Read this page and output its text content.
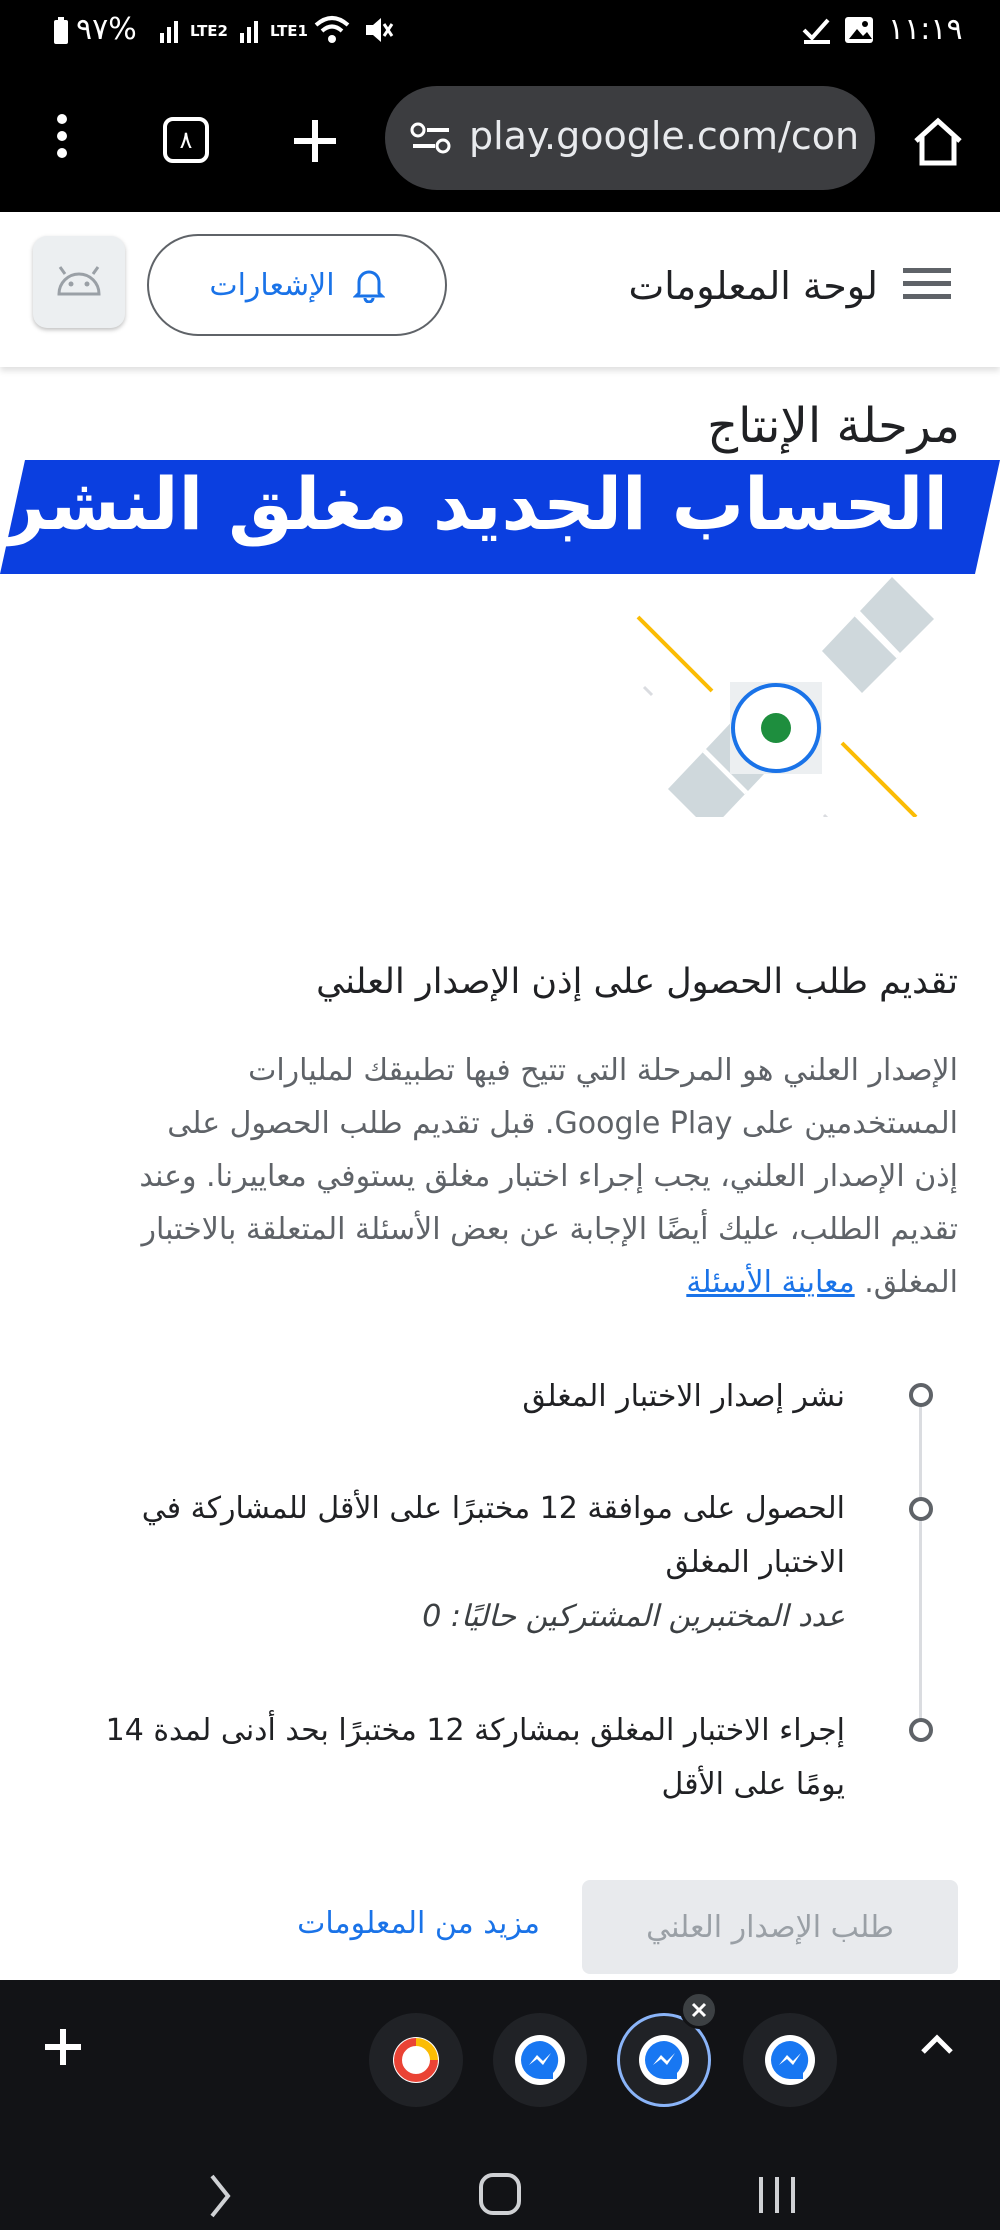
٩٧%	LTE2	LTE1	١١:١٩
٨	play.google.com/con
الإشعارات	لوحة المعلومات
مرحلة الإنتاج
الحساب الجديد مغلق النشر
تقديم طلب الحصول على إذن الإصدار العلني
الإصدار العلني هو المرحلة التي تتيح فيها تطبيقك لمليارات
المستخدمين على Google Play. قبل تقديم طلب الحصول على
إذن الإصدار العلني، يجب إجراء اختبار مغلق يستوفي معاييرنا. وعند
تقديم الطلب، عليك أيضًا الإجابة عن بعض الأسئلة المتعلقة بالاختبار
المغلق. معاينة الأسئلة
نشر إصدار الاختبار المغلق
الحصول على موافقة 12 مختبرًا على الأقل للمشاركة في
الاختبار المغلق
عدد المختبرين المشتركين حاليًا: 0
إجراء الاختبار المغلق بمشاركة 12 مختبرًا بحد أدنى لمدة 14
يومًا على الأقل
طلب الإصدار العلني
مزيد من المعلومات
